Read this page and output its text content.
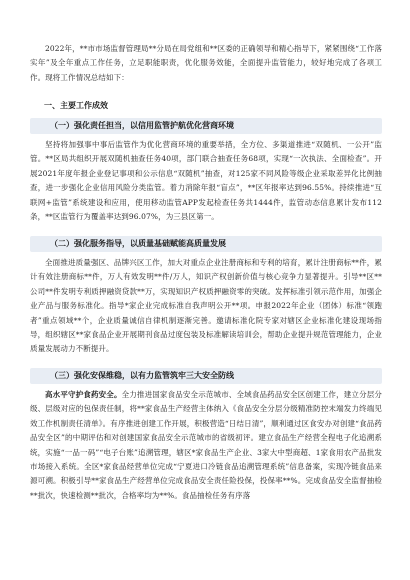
2022年，**市市场监督管理局**分局在局党组和**区委的正确领导和精心指导下，紧紧围绕“工作落实年”及全年重点工作任务，立足职能职责，优化服务效能，全面提升监管能力，较好地完成了各项工作。现将工作情况总结如下：

一、主要工作成效

（一）强化责任担当，以信用监管护航优化营商环境

坚持将加强事中事后监管作为优化营商环境的重要举措，全方位、多渠道推进“双随机、一公开”监管。**区局共组织开展双随机抽查任务40项，部门联合抽查任务68项，实现“一次执法、全面检查”。开展2021年度年报企业登记事项和公示信息“双随机”抽查，对125家不同风险等级企业采取差异化比例抽查，进一步强化企业信用风险分类监管。着力消除年报“盲点”，**区年报率达到96.55%。持续推进“互联网+监管”系统建设和应用，使用移动监管APP发起检查任务共1444件，监管动态信息累计发布112条，**区监管行为覆盖率达到96.07%，为三县区第一。

（二）强化服务指导，以质量基础赋能高质量发展

全面推进质量强区、品牌兴区工作，加大对重点企业注册商标和专利的培育，累计注册商标**件，累计有效注册商标**件，万人有效发明**件/万人，知识产权创新价值与核心竞争力显著提升。引导**区**公司**件发明专利质押融资贷款**万，实现知识产权质押融资零的突破。发挥标准引领示范作用，加强企业产品与服务标准化。指导*家企业完成标准自我声明公开**项。申报2022年企业（团体）标准“领跑者”重点领域**个，企业质量诚信自律机制逐渐完善。邀请标准化院专家对辖区企业标准化建设现场指导，组织辖区**家食品企业开展期刊食品过度包装及标准解读培训会，帮助企业提升规范管理能力，企业质量发展动力不断提升。

（三）强化安保维稳，以有力监管筑牢三大安全防线

高水平守护食药安全。全力推进国家食品安全示范城市、全域食品药品安全区创建工作，建立分层分级、层级对应的包保责任制，将**家食品生产经营主体纳入《食品安全分层分级精准防控末端发力终端见效工作机制责任清单》。有序推进创建工作开展，积极营造“日结日清”，顺利通过区食安办对创建“食品药品安全区”的中期评估和对创建国家食品安全示范城市的省级初评。建立食品生产经营全程电子化追溯系统，实施“一品一码”“电子台账”追溯管理，辖区*家食品生产企业、3家大中型商超、1家食用农产品批发市场接入系统。全区*家食品经营单位完成“宁夏进口冷链食品追溯管理系统”信息备案，实现冷链食品来源可溯。积极引导**家食品生产经营单位完成食品安全责任险投保，投保率**%。完成食品安全监督抽检**批次，快速检测**批次，合格率均为**%。食品抽检任务有序落
